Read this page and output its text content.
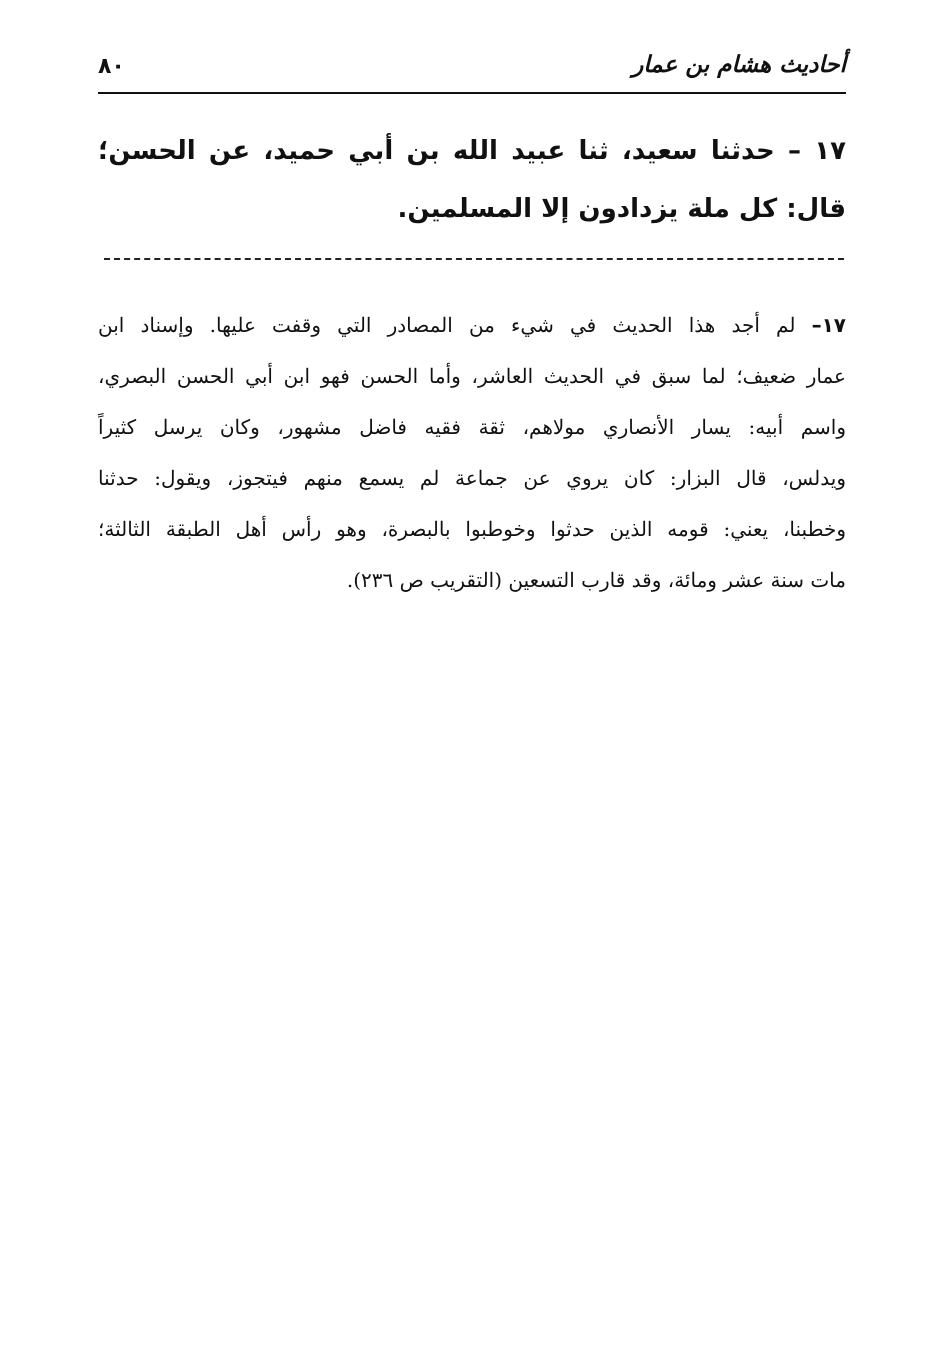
أحاديث هشام بن عمار
٨٠
١٧ – حدثنا سعيد، ثنا عبيد الله بن أبي حميد، عن الحسن؛ قال: كل ملة يزدادون إلا المسلمين.
١٧– لم أجد هذا الحديث في شيء من المصادر التي وقفت عليها. وإسناد ابن
عمار ضعيف؛ لما سبق في الحديث العاشر، وأما الحسن فهو ابن أبي الحسن البصري،
واسم أبيه: يسار الأنصاري مولاهم، ثقة فقيه فاضل مشهور، وكان يرسل كثيراً
ويدلس، قال البزار: كان يروي عن جماعة لم يسمع منهم فيتجوز، ويقول: حدثنا
وخطبنا، يعني: قومه الذين حدثوا وخوطبوا بالبصرة، وهو رأس أهل الطبقة الثالثة؛
مات سنة عشر ومائة، وقد قارب التسعين (التقريب ص ٢٣٦).
